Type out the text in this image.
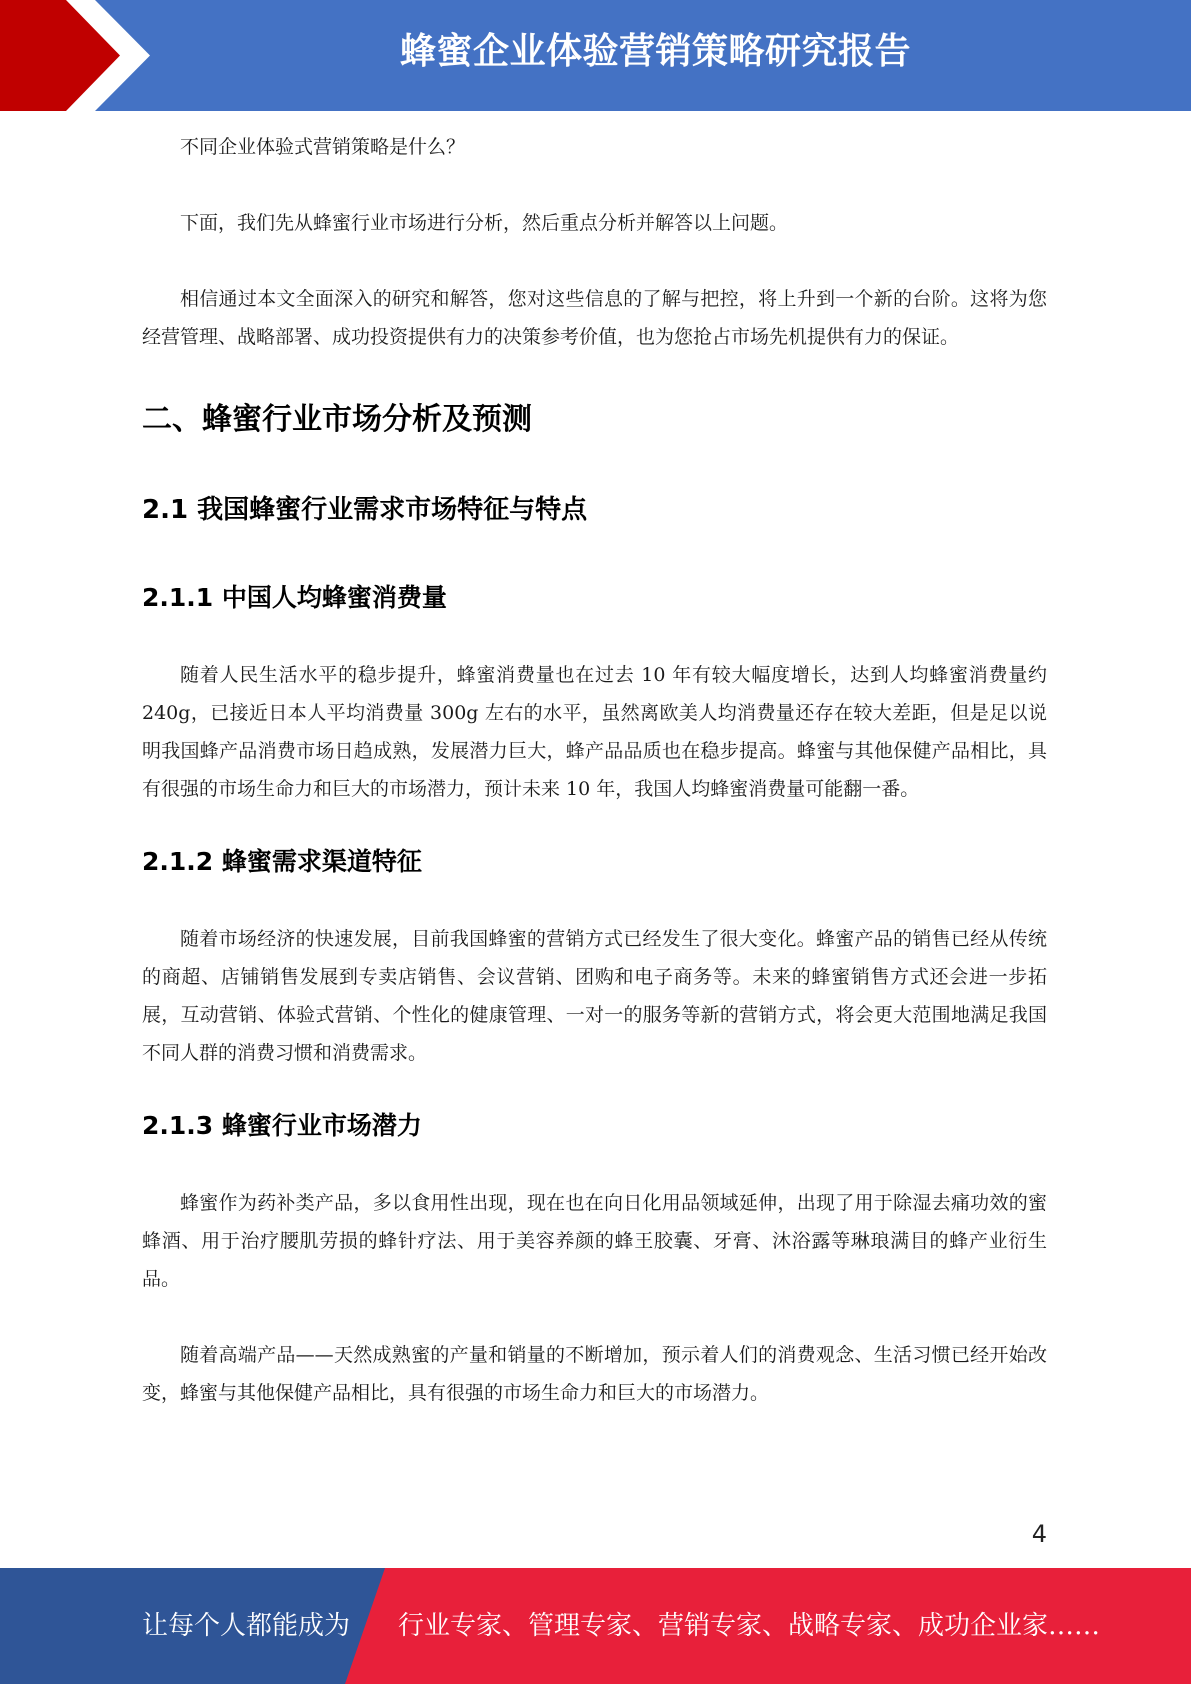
蜂蜜企业体验营销策略研究报告

不同企业体验式营销策略是什么？

下面，我们先从蜂蜜行业市场进行分析，然后重点分析并解答以上问题。

相信通过本文全面深入的研究和解答，您对这些信息的了解与把控，将上升到一个新的台阶。这将为您经营管理、战略部署、成功投资提供有力的决策参考价值，也为您抢占市场先机提供有力的保证。

二、蜂蜜行业市场分析及预测
2.1 我国蜂蜜行业需求市场特征与特点
2.1.1 中国人均蜂蜜消费量

随着人民生活水平的稳步提升，蜂蜜消费量也在过去 10 年有较大幅度增长，达到人均蜂蜜消费量约 240g，已接近日本人平均消费量 300g 左右的水平，虽然离欧美人均消费量还存在较大差距，但是足以说明我国蜂产品消费市场日趋成熟，发展潜力巨大，蜂产品品质也在稳步提高。蜂蜜与其他保健产品相比，具有很强的市场生命力和巨大的市场潜力，预计未来 10 年，我国人均蜂蜜消费量可能翻一番。

2.1.2 蜂蜜需求渠道特征

随着市场经济的快速发展，目前我国蜂蜜的营销方式已经发生了很大变化。蜂蜜产品的销售已经从传统的商超、店铺销售发展到专卖店销售、会议营销、团购和电子商务等。未来的蜂蜜销售方式还会进一步拓展，互动营销、体验式营销、个性化的健康管理、一对一的服务等新的营销方式，将会更大范围地满足我国不同人群的消费习惯和消费需求。

2.1.3 蜂蜜行业市场潜力

蜂蜜作为药补类产品，多以食用性出现，现在也在向日化用品领域延伸，出现了用于除湿去痛功效的蜜蜂酒、用于治疗腰肌劳损的蜂针疗法、用于美容养颜的蜂王胶囊、牙膏、沐浴露等琳琅满目的蜂产业衍生品。

随着高端产品——天然成熟蜜的产量和销量的不断增加，预示着人们的消费观念、生活习惯已经开始改变，蜂蜜与其他保健产品相比，具有很强的市场生命力和巨大的市场潜力。

4
让每个人都能成为 行业专家、管理专家、营销专家、战略专家、成功企业家……
